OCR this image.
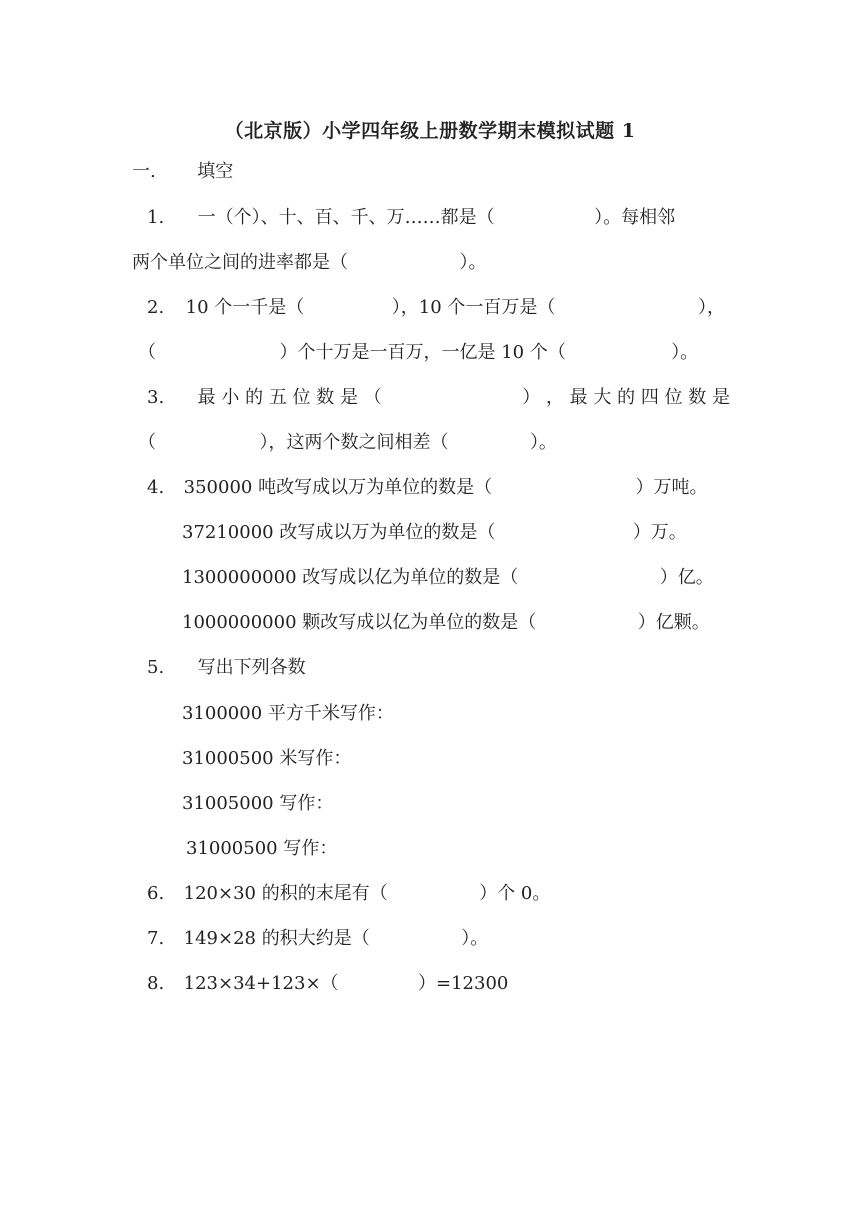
（北京版）小学四年级上册数学期末模拟试题 1
一. 填空
1. 一（个）、十、百、千、万……都是（	）。每相邻
两个单位之间的进率都是（	）。
2. 10 个一千是（	），10 个一百万是（	），
（	）个十万是一百万，一亿是 10 个（	）。
3. 最 小 的 五 位 数 是 （	） ， 最 大 的 四 位 数 是
（	），这两个数之间相差（	）。
4. 350000 吨改写成以万为单位的数是（	）万吨。
37210000 改写成以万为单位的数是（	）万。
1300000000 改写成以亿为单位的数是（	）亿。
1000000000 颗改写成以亿为单位的数是（	）亿颗。
5. 写出下列各数
3100000 平方千米写作：
31000500 米写作：
31005000 写作：
31000500 写作：
6. 120×30 的积的末尾有（	）个 0。
7. 149×28 的积大约是（	）。
8. 123×34+123×（	）=12300
